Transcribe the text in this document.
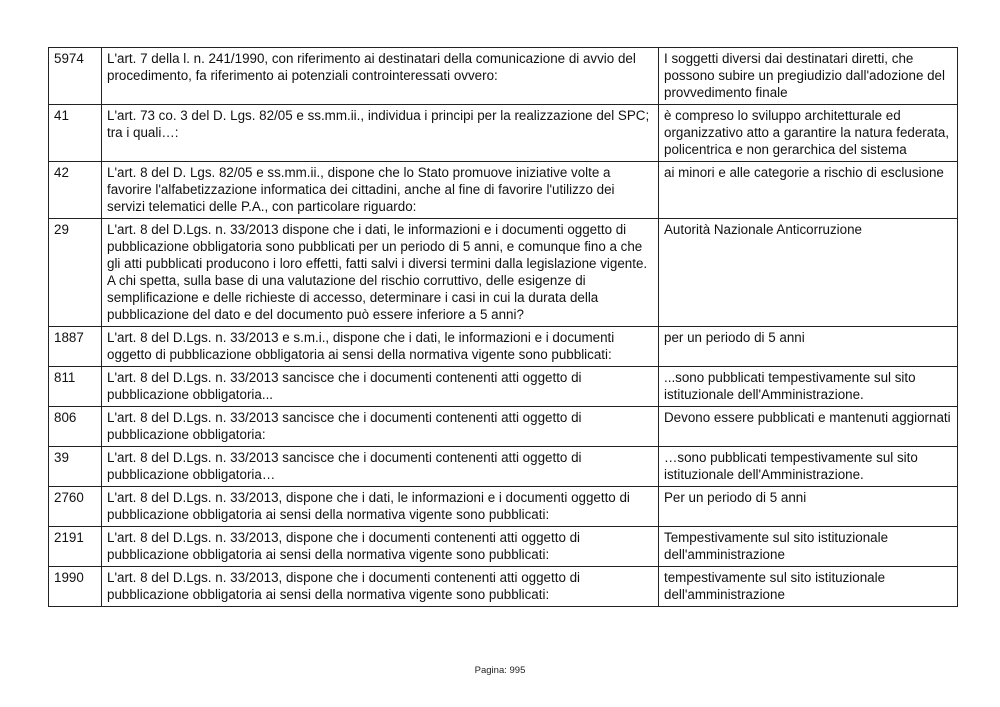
5974	L'art. 7 della l. n. 241/1990, con riferimento ai destinatari della comunicazione di avvio del procedimento, fa riferimento ai potenziali controinteressati ovvero:	I soggetti diversi dai destinatari diretti, che possono subire un pregiudizio dall'adozione del provvedimento finale
41	L'art. 73 co. 3 del D. Lgs. 82/05 e ss.mm.ii., individua i principi per la realizzazione del SPC; tra i quali…:	è compreso lo sviluppo architetturale ed organizzativo atto a garantire la natura federata, policentrica e non gerarchica del sistema
42	L'art. 8 del D. Lgs. 82/05 e ss.mm.ii., dispone che lo Stato promuove iniziative volte a favorire l'alfabetizzazione informatica dei cittadini, anche al fine di favorire l'utilizzo dei servizi telematici delle P.A., con particolare riguardo:	ai minori e alle categorie a rischio di esclusione
29	L'art. 8 del D.Lgs. n. 33/2013 dispone che i dati, le informazioni e i documenti oggetto di pubblicazione obbligatoria sono pubblicati per un periodo di 5 anni, e comunque fino a che gli atti pubblicati producono i loro effetti, fatti salvi i diversi termini dalla legislazione vigente. A chi spetta, sulla base di una valutazione del rischio corruttivo, delle esigenze di semplificazione e delle richieste di accesso, determinare i casi in cui la durata della pubblicazione del dato e del documento può essere inferiore a 5 anni?	Autorità Nazionale Anticorruzione
1887	L'art. 8 del D.Lgs. n. 33/2013 e s.m.i., dispone che i dati, le informazioni e i documenti oggetto di pubblicazione obbligatoria ai sensi della normativa vigente sono pubblicati:	per un periodo di 5 anni
811	L'art. 8 del D.Lgs. n. 33/2013 sancisce che i documenti contenenti atti oggetto di pubblicazione obbligatoria...	...sono pubblicati tempestivamente sul sito istituzionale dell'Amministrazione.
806	L'art. 8 del D.Lgs. n. 33/2013 sancisce che i documenti contenenti atti oggetto di pubblicazione obbligatoria:	Devono essere pubblicati e mantenuti aggiornati
39	L'art. 8 del D.Lgs. n. 33/2013 sancisce che i documenti contenenti atti oggetto di pubblicazione obbligatoria…	…sono pubblicati tempestivamente sul sito istituzionale dell'Amministrazione.
2760	L'art. 8 del D.Lgs. n. 33/2013, dispone che i dati, le informazioni e i documenti oggetto di pubblicazione obbligatoria ai sensi della normativa vigente sono pubblicati:	Per un periodo di 5 anni
2191	L'art. 8 del D.Lgs. n. 33/2013, dispone che i documenti contenenti atti oggetto di pubblicazione obbligatoria ai sensi della normativa vigente sono pubblicati:	Tempestivamente sul sito istituzionale dell'amministrazione
1990	L'art. 8 del D.Lgs. n. 33/2013, dispone che i documenti contenenti atti oggetto di pubblicazione obbligatoria ai sensi della normativa vigente sono pubblicati:	tempestivamente sul sito istituzionale dell'amministrazione
Pagina: 995
